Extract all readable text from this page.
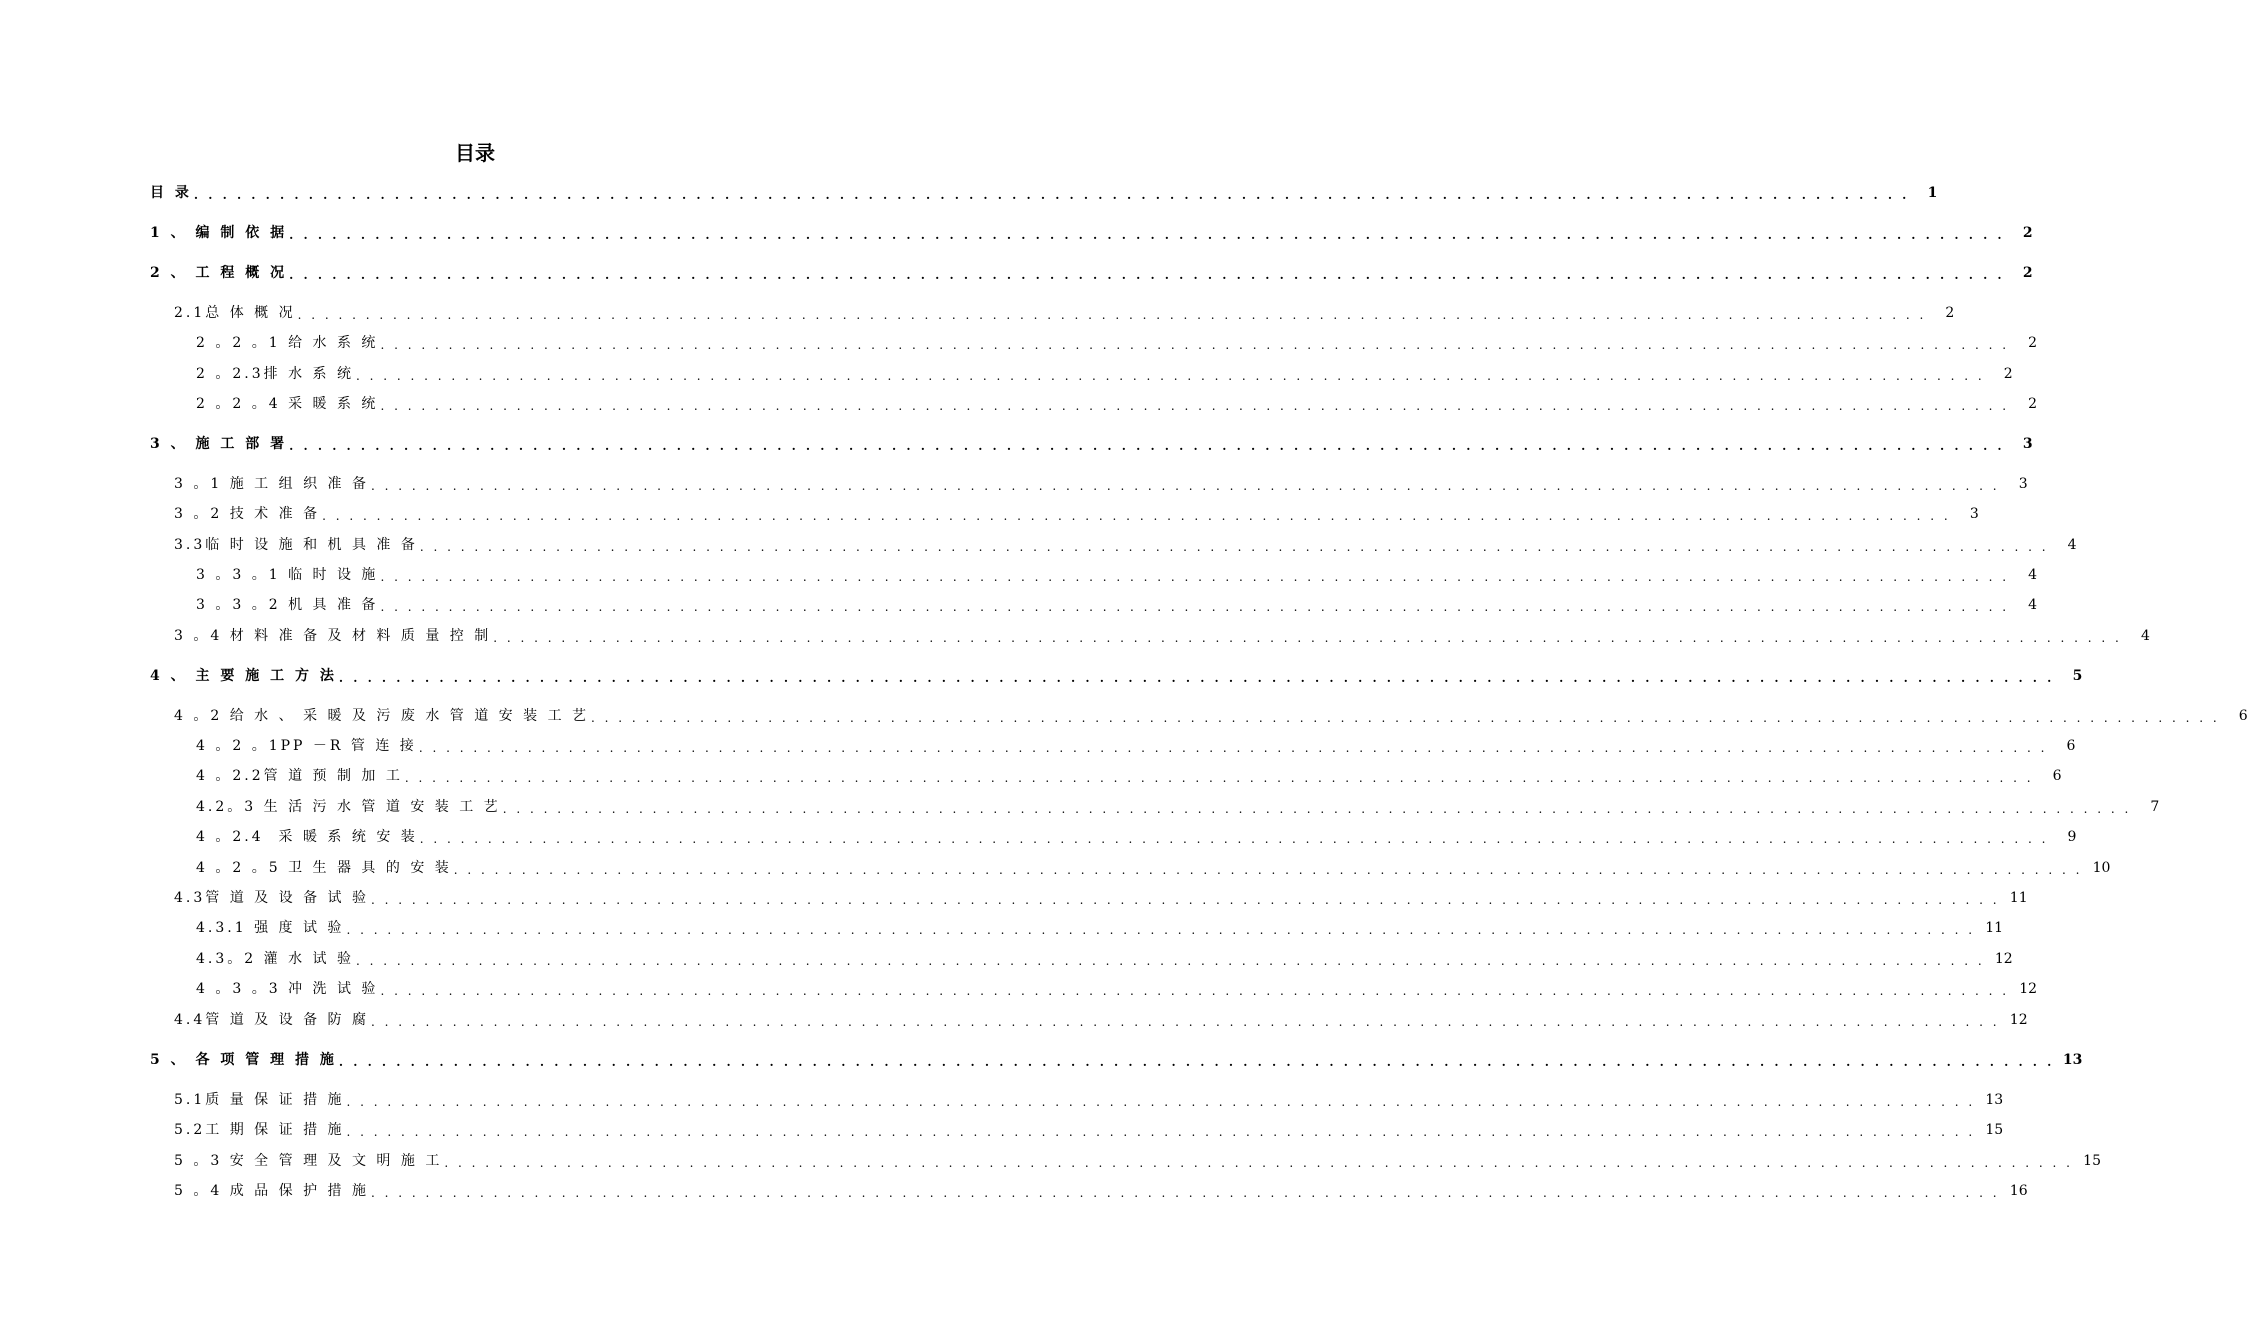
目录
目 录 . . . . . . . . . . . . . . . . . . . . . . . . . . . . . . . . . . . . . . . . . . . . . . . . . . . . . . . . . . . . . . . . . . . . . . . . . . . . . . . . . . . . . . . . . . . . . . . . . . . . . . . . . . . . . . . . . . . . . . . .	1
1 、 编 制 依 据 . . . . . . . . . . . . . . . . . . . . . . . . . . . . . . . . . . . . . . . . . . . . . . . . . . . . . . . . . . . . . . . . . . . . . . . . . . . . . . . . . . . . . . . . . . . . . . . . . . . . . . . . . . . . . . . . . . . . . . . .	2
2 、 工 程 概 况 . . . . . . . . . . . . . . . . . . . . . . . . . . . . . . . . . . . . . . . . . . . . . . . . . . . . . . . . . . . . . . . . . . . . . . . . . . . . . . . . . . . . . . . . . . . . . . . . . . . . . . . . . . . . . . . . . . . . . . . .	2
2.1总 体 概 况 . . . . . . . . . . . . . . . . . . . . . . . . . . . . . . . . . . . . . . . . . . . . . . . . . . . . . . . . . . . . . . . . . . . . . . . . . . . . . . . . . . . . . . . . . . . . . . . . . . . . . . . . . . . . . . . . . . . . . . . .	2
2 。2 。1 给 水 系 统 . . . . . . . . . . . . . . . . . . . . . . . . . . . . . . . . . . . . . . . . . . . . . . . . . . . . . . . . . . . . . . . . . . . . . . . . . . . . . . . . . . . . . . . . . . . . . . . . . . . . . . . . . . . . . . . . . . . . . . . .	2
2 。2.3排 水 系 统 . . . . . . . . . . . . . . . . . . . . . . . . . . . . . . . . . . . . . . . . . . . . . . . . . . . . . . . . . . . . . . . . . . . . . . . . . . . . . . . . . . . . . . . . . . . . . . . . . . . . . . . . . . . . . . . . . . . . . . . .	2
2 。2 。4 采 暖 系 统 . . . . . . . . . . . . . . . . . . . . . . . . . . . . . . . . . . . . . . . . . . . . . . . . . . . . . . . . . . . . . . . . . . . . . . . . . . . . . . . . . . . . . . . . . . . . . . . . . . . . . . . . . . . . . . . . . . . . . . . .	2
3 、 施 工 部 署 . . . . . . . . . . . . . . . . . . . . . . . . . . . . . . . . . . . . . . . . . . . . . . . . . . . . . . . . . . . . . . . . . . . . . . . . . . . . . . . . . . . . . . . . . . . . . . . . . . . . . . . . . . . . . . . . . . . . . . . .	3
3 。1 施 工 组 织 准 备 . . . . . . . . . . . . . . . . . . . . . . . . . . . . . . . . . . . . . . . . . . . . . . . . . . . . . . . . . . . . . . . . . . . . . . . . . . . . . . . . . . . . . . . . . . . . . . . . . . . . . . . . . . . . . . . . . . . . . . . .	3
3 。2 技 术 准 备 . . . . . . . . . . . . . . . . . . . . . . . . . . . . . . . . . . . . . . . . . . . . . . . . . . . . . . . . . . . . . . . . . . . . . . . . . . . . . . . . . . . . . . . . . . . . . . . . . . . . . . . . . . . . . . . . . . . . . . . .	3
3.3临 时 设 施 和 机 具 准 备 . . . . . . . . . . . . . . . . . . . . . . . . . . . . . . . . . . . . . . . . . . . . . . . . . . . . . . . . . . . . . . . . . . . . . . . . . . . . . . . . . . . . . . . . . . . . . . . . . . . . . . . . . . . . . . . . . . . . . . . .	4
3 。3 。1 临 时 设 施 . . . . . . . . . . . . . . . . . . . . . . . . . . . . . . . . . . . . . . . . . . . . . . . . . . . . . . . . . . . . . . . . . . . . . . . . . . . . . . . . . . . . . . . . . . . . . . . . . . . . . . . . . . . . . . . . . . . . . . . .	4
3 。3 。2 机 具 准 备 . . . . . . . . . . . . . . . . . . . . . . . . . . . . . . . . . . . . . . . . . . . . . . . . . . . . . . . . . . . . . . . . . . . . . . . . . . . . . . . . . . . . . . . . . . . . . . . . . . . . . . . . . . . . . . . . . . . . . . . .	4
3 。4 材 料 准 备 及 材 料 质 量 控 制 . . . . . . . . . . . . . . . . . . . . . . . . . . . . . . . . . . . . . . . . . . . . . . . . . . . . . . . . . . . . . . . . . . . . . . . . . . . . . . . . . . . . . . . . . . . . . . . . . . . . . . . . . . . . . . . . . . . . . . . .	4
4 、 主 要 施 工 方 法 . . . . . . . . . . . . . . . . . . . . . . . . . . . . . . . . . . . . . . . . . . . . . . . . . . . . . . . . . . . . . . . . . . . . . . . . . . . . . . . . . . . . . . . . . . . . . . . . . . . . . . . . . . . . . . . . . . . . . . . .	5
4 。2 给 水 、 采 暖 及 污 废 水 管 道 安 装 工 艺 . . . . . . . . . . . . . . . . . . . . . . . . . . . . . . . . . . . . . . . . . . . . . . . . . . . . . . . . . . . . . . . . . . . . . . . . . . . . . . . . . . . . . . . . . . . . . . . . . . . . . . . . . . . . . . . . . . . . . . . .	6
4 。2 。1PP －R 管 连 接 . . . . . . . . . . . . . . . . . . . . . . . . . . . . . . . . . . . . . . . . . . . . . . . . . . . . . . . . . . . . . . . . . . . . . . . . . . . . . . . . . . . . . . . . . . . . . . . . . . . . . . . . . . . . . . . . . . . . . . . .	6
4 。2.2管 道 预 制 加 工 . . . . . . . . . . . . . . . . . . . . . . . . . . . . . . . . . . . . . . . . . . . . . . . . . . . . . . . . . . . . . . . . . . . . . . . . . . . . . . . . . . . . . . . . . . . . . . . . . . . . . . . . . . . . . . . . . . . . . . . .	6
4.2。3 生 活 污 水 管 道 安 装 工 艺 . . . . . . . . . . . . . . . . . . . . . . . . . . . . . . . . . . . . . . . . . . . . . . . . . . . . . . . . . . . . . . . . . . . . . . . . . . . . . . . . . . . . . . . . . . . . . . . . . . . . . . . . . . . . . . . . . . . . . . . .	7
4 。2.4  采 暖 系 统 安 装 . . . . . . . . . . . . . . . . . . . . . . . . . . . . . . . . . . . . . . . . . . . . . . . . . . . . . . . . . . . . . . . . . . . . . . . . . . . . . . . . . . . . . . . . . . . . . . . . . . . . . . . . . . . . . . . . . . . . . . . .	9
4 。2 。5 卫 生 器 具 的 安 装 . . . . . . . . . . . . . . . . . . . . . . . . . . . . . . . . . . . . . . . . . . . . . . . . . . . . . . . . . . . . . . . . . . . . . . . . . . . . . . . . . . . . . . . . . . . . . . . . . . . . . . . . . . . . . . . . . . . . . . . . 10
4.3管 道 及 设 备 试 验 . . . . . . . . . . . . . . . . . . . . . . . . . . . . . . . . . . . . . . . . . . . . . . . . . . . . . . . . . . . . . . . . . . . . . . . . . . . . . . . . . . . . . . . . . . . . . . . . . . . . . . . . . . . . . . . . . . . . . . . . 11
4.3.1 强 度 试 验 . . . . . . . . . . . . . . . . . . . . . . . . . . . . . . . . . . . . . . . . . . . . . . . . . . . . . . . . . . . . . . . . . . . . . . . . . . . . . . . . . . . . . . . . . . . . . . . . . . . . . . . . . . . . . . . . . . . . . . . . 11
4.3。2 灌 水 试 验 . . . . . . . . . . . . . . . . . . . . . . . . . . . . . . . . . . . . . . . . . . . . . . . . . . . . . . . . . . . . . . . . . . . . . . . . . . . . . . . . . . . . . . . . . . . . . . . . . . . . . . . . . . . . . . . . . . . . . . . . 12
4 。3 。3 冲 洗 试 验 . . . . . . . . . . . . . . . . . . . . . . . . . . . . . . . . . . . . . . . . . . . . . . . . . . . . . . . . . . . . . . . . . . . . . . . . . . . . . . . . . . . . . . . . . . . . . . . . . . . . . . . . . . . . . . . . . . . . . . . . 12
4.4管 道 及 设 备 防 腐 . . . . . . . . . . . . . . . . . . . . . . . . . . . . . . . . . . . . . . . . . . . . . . . . . . . . . . . . . . . . . . . . . . . . . . . . . . . . . . . . . . . . . . . . . . . . . . . . . . . . . . . . . . . . . . . . . . . . . . . . 12
5 、 各 项 管 理 措 施 . . . . . . . . . . . . . . . . . . . . . . . . . . . . . . . . . . . . . . . . . . . . . . . . . . . . . . . . . . . . . . . . . . . . . . . . . . . . . . . . . . . . . . . . . . . . . . . . . . . . . . . . . . . . . . . . . . . . . . . . 13
5.1质 量 保 证 措 施 . . . . . . . . . . . . . . . . . . . . . . . . . . . . . . . . . . . . . . . . . . . . . . . . . . . . . . . . . . . . . . . . . . . . . . . . . . . . . . . . . . . . . . . . . . . . . . . . . . . . . . . . . . . . . . . . . . . . . . . . 13
5.2工 期 保 证 措 施 . . . . . . . . . . . . . . . . . . . . . . . . . . . . . . . . . . . . . . . . . . . . . . . . . . . . . . . . . . . . . . . . . . . . . . . . . . . . . . . . . . . . . . . . . . . . . . . . . . . . . . . . . . . . . . . . . . . . . . . . 15
5 。3 安 全 管 理 及 文 明 施 工 . . . . . . . . . . . . . . . . . . . . . . . . . . . . . . . . . . . . . . . . . . . . . . . . . . . . . . . . . . . . . . . . . . . . . . . . . . . . . . . . . . . . . . . . . . . . . . . . . . . . . . . . . . . . . . . . . . . . . . . . 15
5 。4 成 品 保 护 措 施 . . . . . . . . . . . . . . . . . . . . . . . . . . . . . . . . . . . . . . . . . . . . . . . . . . . . . . . . . . . . . . . . . . . . . . . . . . . . . . . . . . . . . . . . . . . . . . . . . . . . . . . . . . . . . . . . . . . . . . . . 16
